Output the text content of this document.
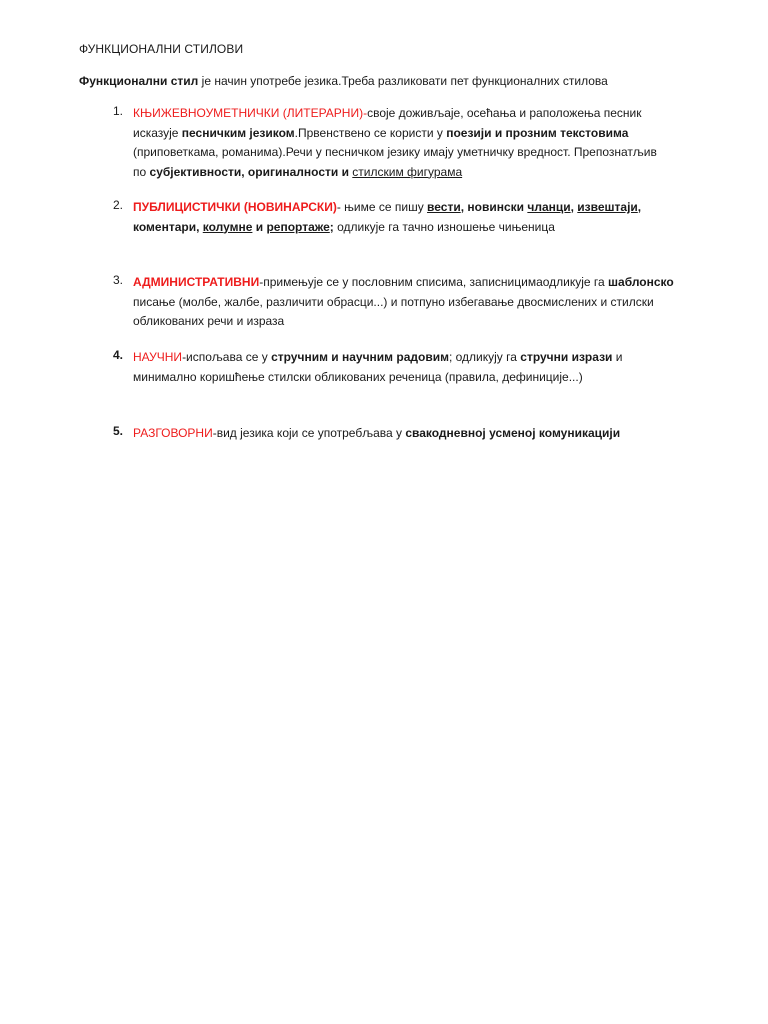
ФУНКЦИОНАЛНИ СТИЛОВИ
Функционални стил је начин употребе језика.Треба разликовати пет функционалних стилова
1. КЊИЖЕВНОУМЕТНИЧКИ (ЛИТЕРАРНИ)-своје доживљаје, осећања и раположења песник
исказује песничким језиком.Првенствено се користи у поезији и прозним текстовима
(приповеткама, романима).Речи у песничком језику имају уметничку вредност. Препознатљив
по субјективности, оригиналности и стилским фигурама
2. ПУБЛИЦИСТИЧКИ (НОВИНАРСКИ)- њиме се пишу вести, новински чланци, извештаји,
коментари, колумне и репортаже; одликује га тачно изношење чињеница
3. АДМИНИСТРАТИВНИ-примењује се у пословним списима, записницимаодликује га шаблонско
писање (молбе, жалбе, различити обрасци...) и потпуно избегавање двосмислених и стилски
обликованих речи и израза
4. НАУЧНИ-испољава се у стручним и научним радовим; одликују га стручни изрази и
минимално коришћење стилски обликованих реченица (правила, дефиниције...)
5. РАЗГОВОРНИ-вид језика који се употребљава у свакодневној усменој комуникацији
